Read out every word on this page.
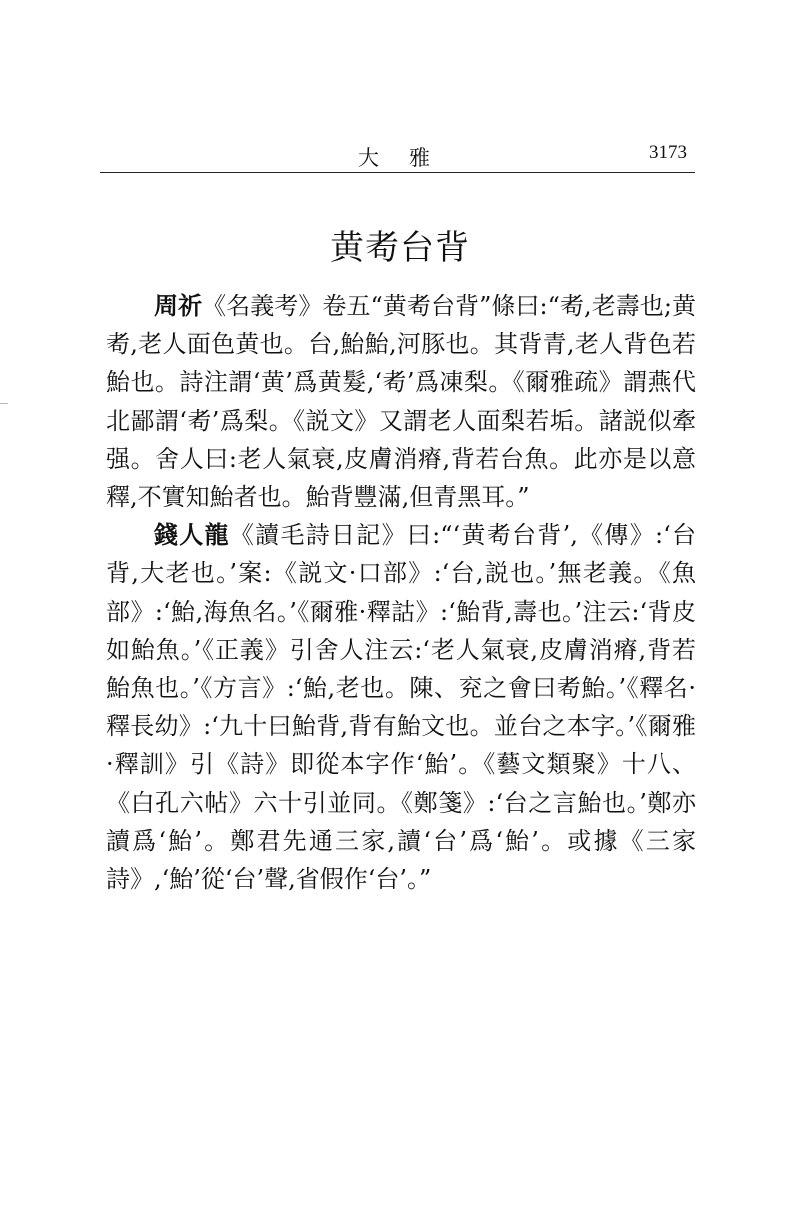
大雅	3173
黄耇台背

周祈《名義考》卷五“黄耇台背”條曰:“耇,老壽也;黄耇,老人面色黄也。台,鮐鮐,河豚也。其背青,老人背色若鮐也。詩注謂‘黄’爲黄髮,‘耇’爲凍梨。《爾雅疏》謂燕代北鄙謂‘耇’爲梨。《説文》又謂老人面梨若垢。諸説似牽强。舍人曰:老人氣衰,皮膚消瘠,背若台魚。此亦是以意釋,不實知鮐者也。鮐背豐滿,但青黑耳。”

錢人龍《讀毛詩日記》曰:“‘黄耇台背’,《傳》:‘台背,大老也。’案:《説文·口部》:‘台,説也。’無老義。《魚部》:‘鮐,海魚名。’《爾雅·釋詁》:‘鮐背,壽也。’注云:‘背皮如鮐魚。’《正義》引舍人注云:‘老人氣衰,皮膚消瘠,背若鮐魚也。’《方言》:‘鮐,老也。陳、兖之會曰耇鮐。’《釋名·釋長幼》:‘九十曰鮐背,背有鮐文也。並台之本字。’《爾雅·釋訓》引《詩》即從本字作‘鮐’。《藝文類聚》十八、《白孔六帖》六十引並同。《鄭箋》:‘台之言鮐也。’鄭亦讀爲‘鮐’。鄭君先通三家,讀‘台’爲‘鮐’。或據《三家詩》,‘鮐’從‘台’聲,省假作‘台’。”
